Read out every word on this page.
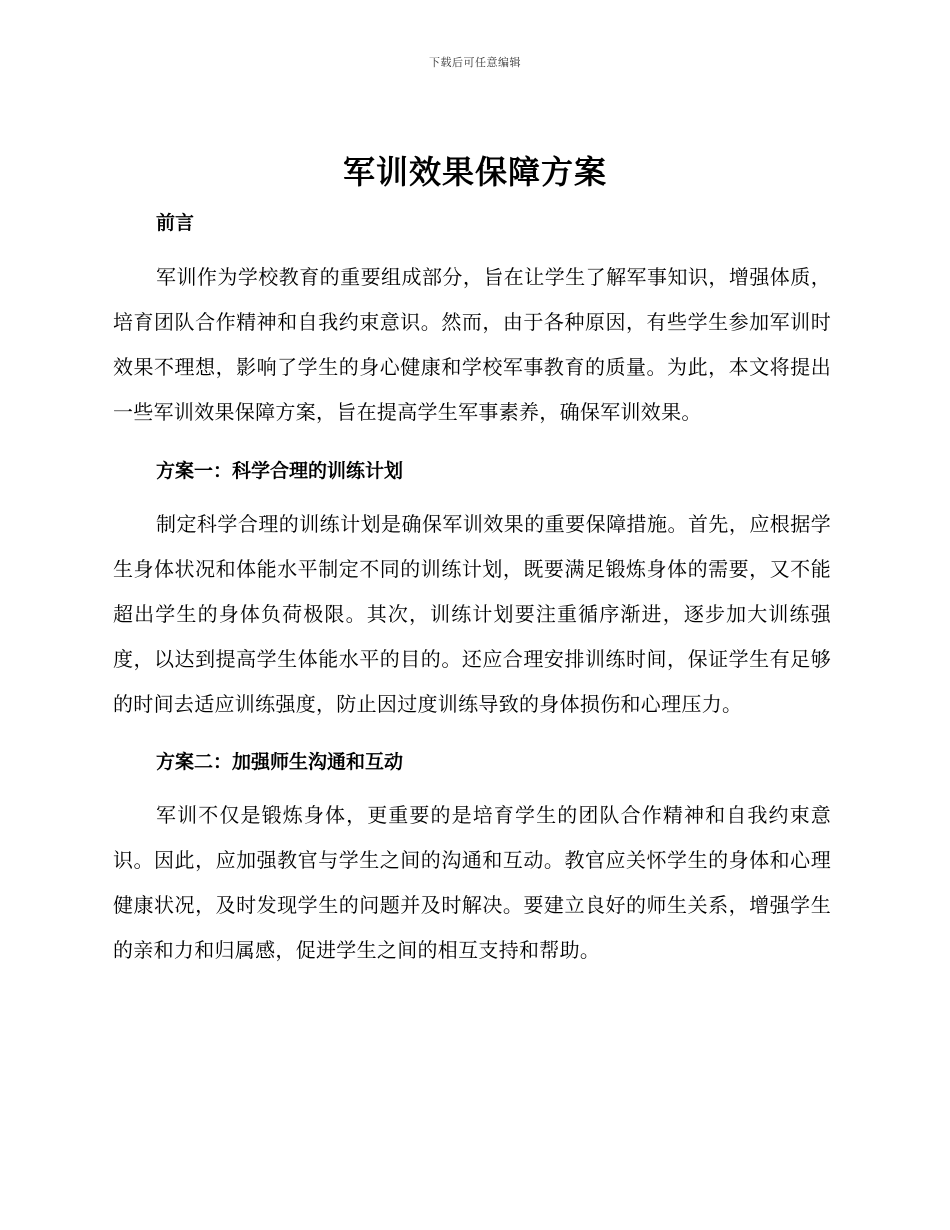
下载后可任意编辑
军训效果保障方案
前言

军训作为学校教育的重要组成部分，旨在让学生了解军事知识，增强体质，培育团队合作精神和自我约束意识。然而，由于各种原因，有些学生参加军训时效果不理想，影响了学生的身心健康和学校军事教育的质量。为此，本文将提出一些军训效果保障方案，旨在提高学生军事素养，确保军训效果。

方案一：科学合理的训练计划

制定科学合理的训练计划是确保军训效果的重要保障措施。首先，应根据学生身体状况和体能水平制定不同的训练计划，既要满足锻炼身体的需要，又不能超出学生的身体负荷极限。其次，训练计划要注重循序渐进，逐步加大训练强度，以达到提高学生体能水平的目的。还应合理安排训练时间，保证学生有足够的时间去适应训练强度，防止因过度训练导致的身体损伤和心理压力。

方案二：加强师生沟通和互动

军训不仅是锻炼身体，更重要的是培育学生的团队合作精神和自我约束意识。因此，应加强教官与学生之间的沟通和互动。教官应关怀学生的身体和心理健康状况，及时发现学生的问题并及时解决。要建立良好的师生关系，增强学生的亲和力和归属感，促进学生之间的相互支持和帮助。
